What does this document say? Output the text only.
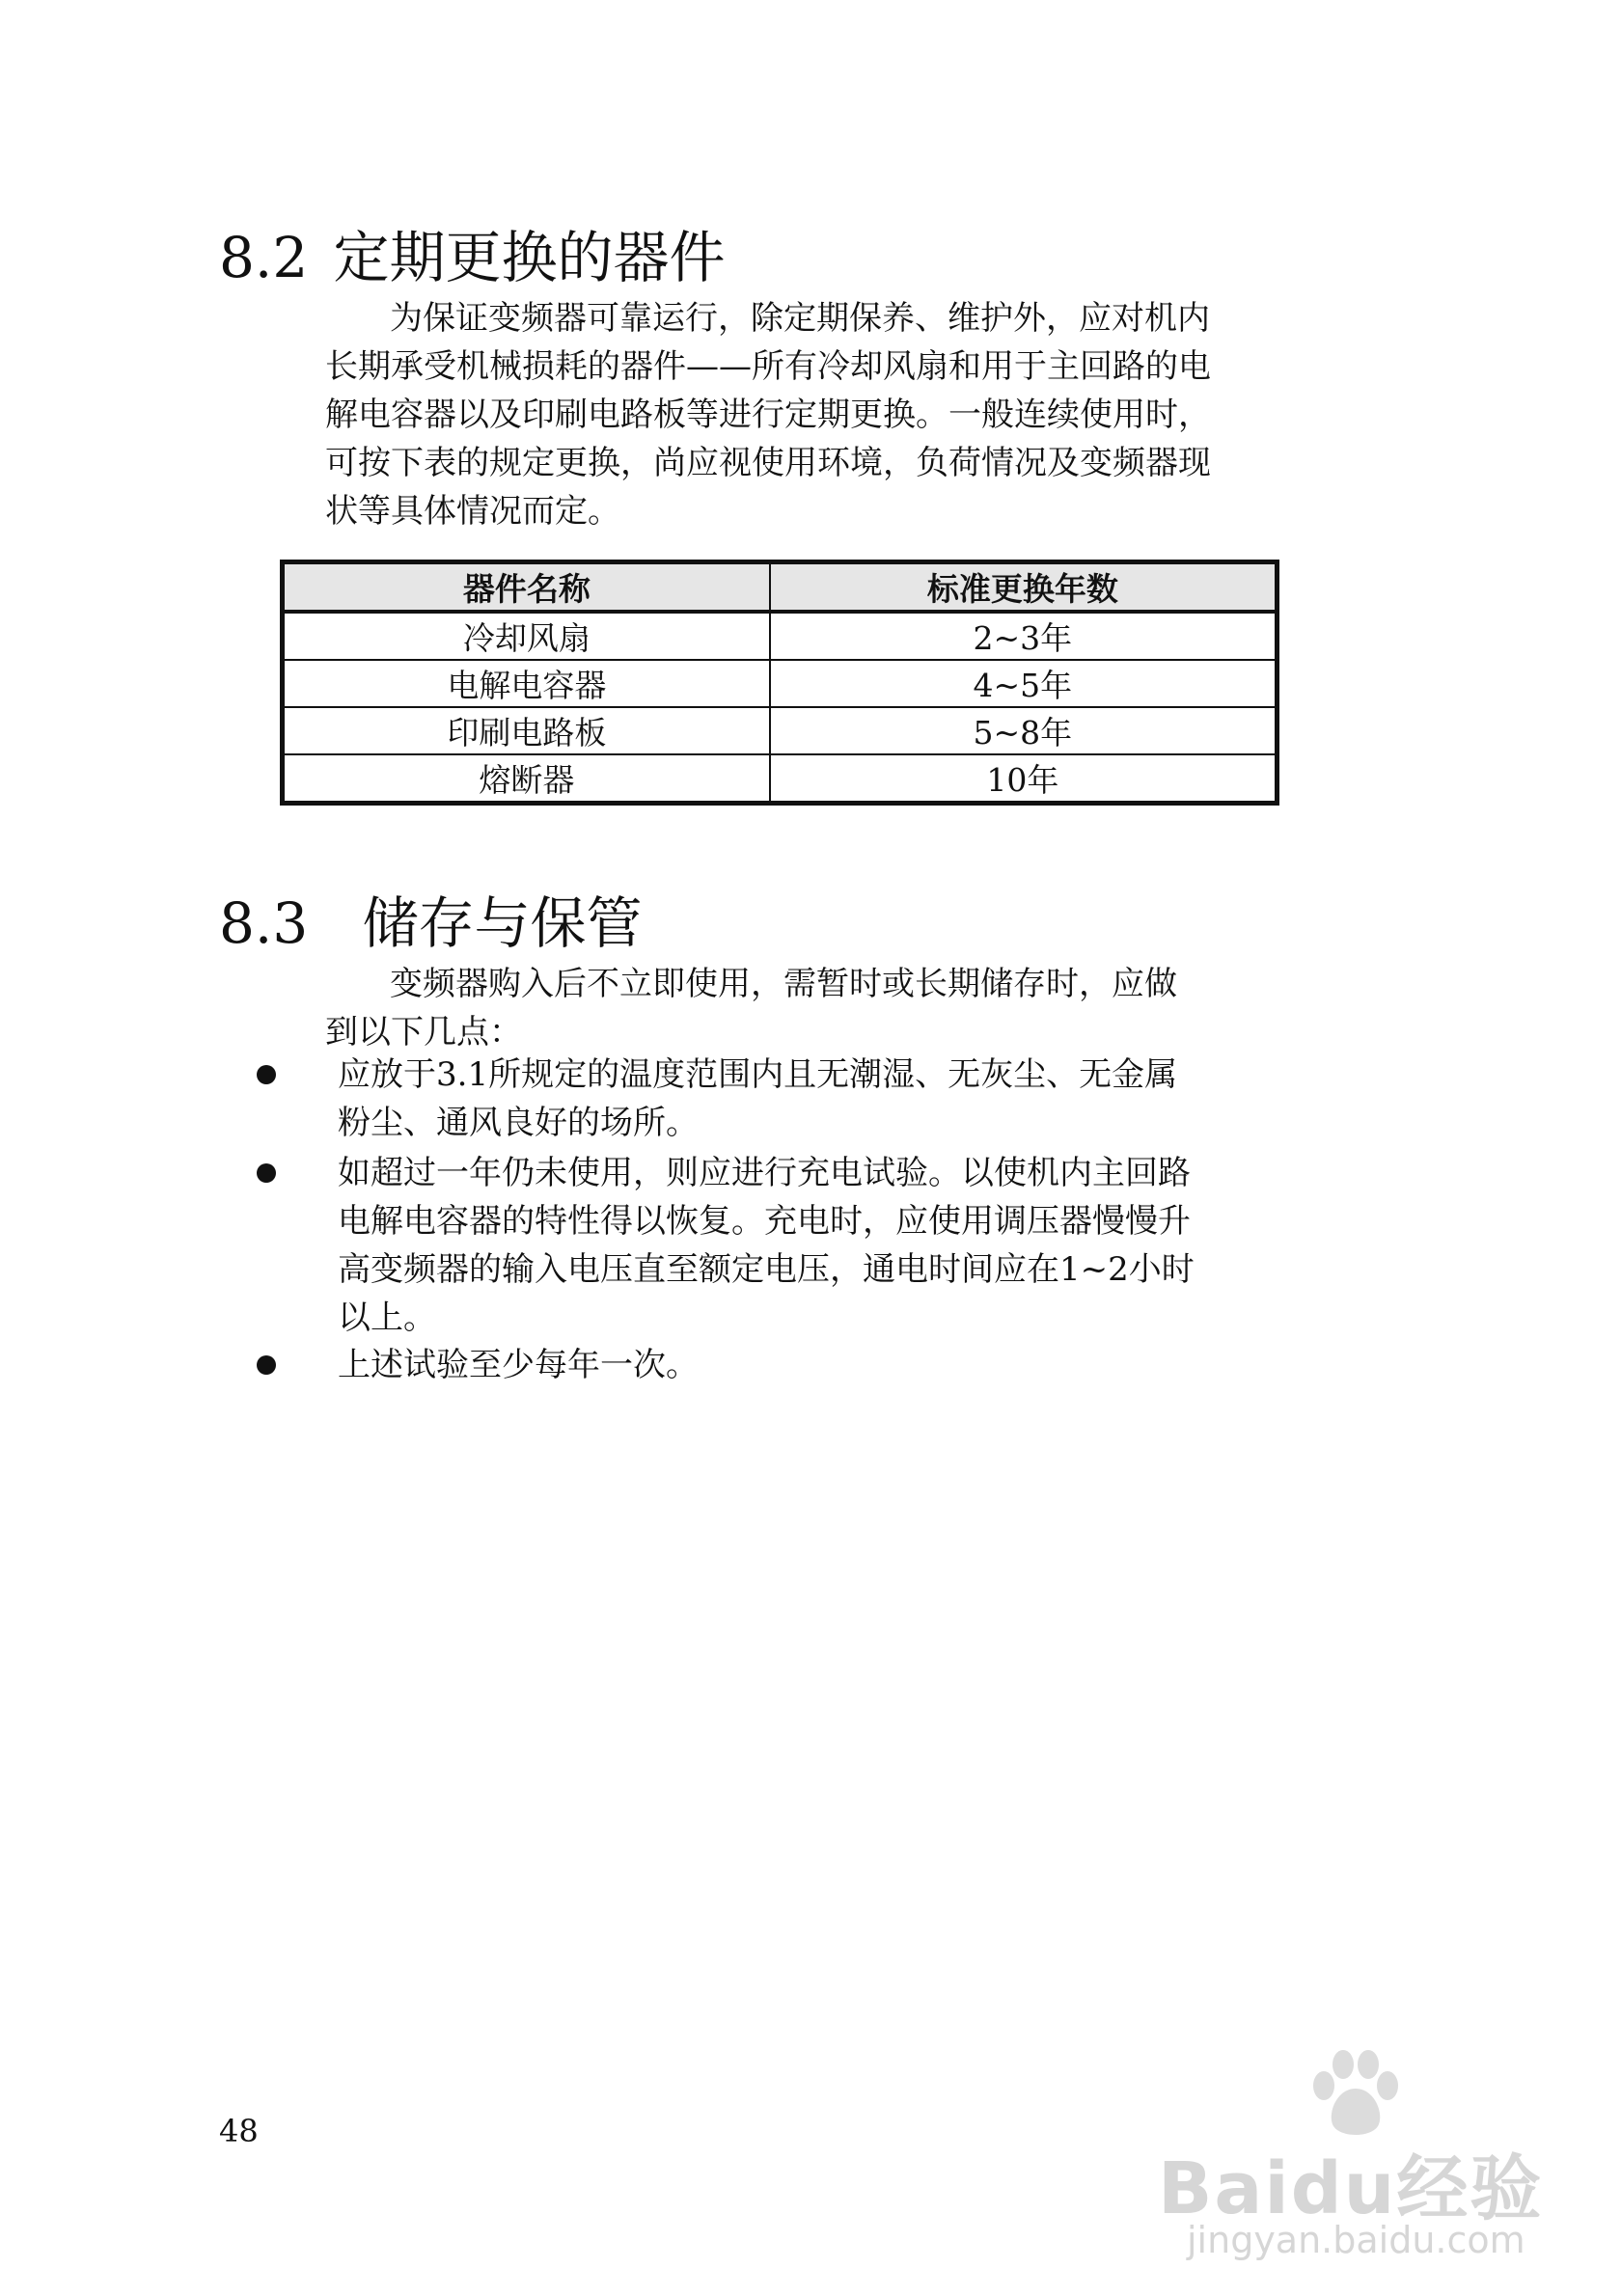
8.2 定期更换的器件
为保证变频器可靠运行，除定期保养、维护外，应对机内
长期承受机械损耗的器件——所有冷却风扇和用于主回路的电
解电容器以及印刷电路板等进行定期更换。一般连续使用时，
可按下表的规定更换，尚应视使用环境，负荷情况及变频器现
状等具体情况而定。
器件名称	标准更换年数
冷却风扇	2~3年
电解电容器	4~5年
印刷电路板	5~8年
熔断器	10年
8.3 储存与保管
变频器购入后不立即使用，需暂时或长期储存时，应做
到以下几点：
应放于3.1所规定的温度范围内且无潮湿、无灰尘、无金属
粉尘、通风良好的场所。
如超过一年仍未使用，则应进行充电试验。以使机内主回路
电解电容器的特性得以恢复。充电时，应使用调压器慢慢升
高变频器的输入电压直至额定电压，通电时间应在1~2小时
以上。
上述试验至少每年一次。
48
Baidu经验
jingyan.baidu.com
